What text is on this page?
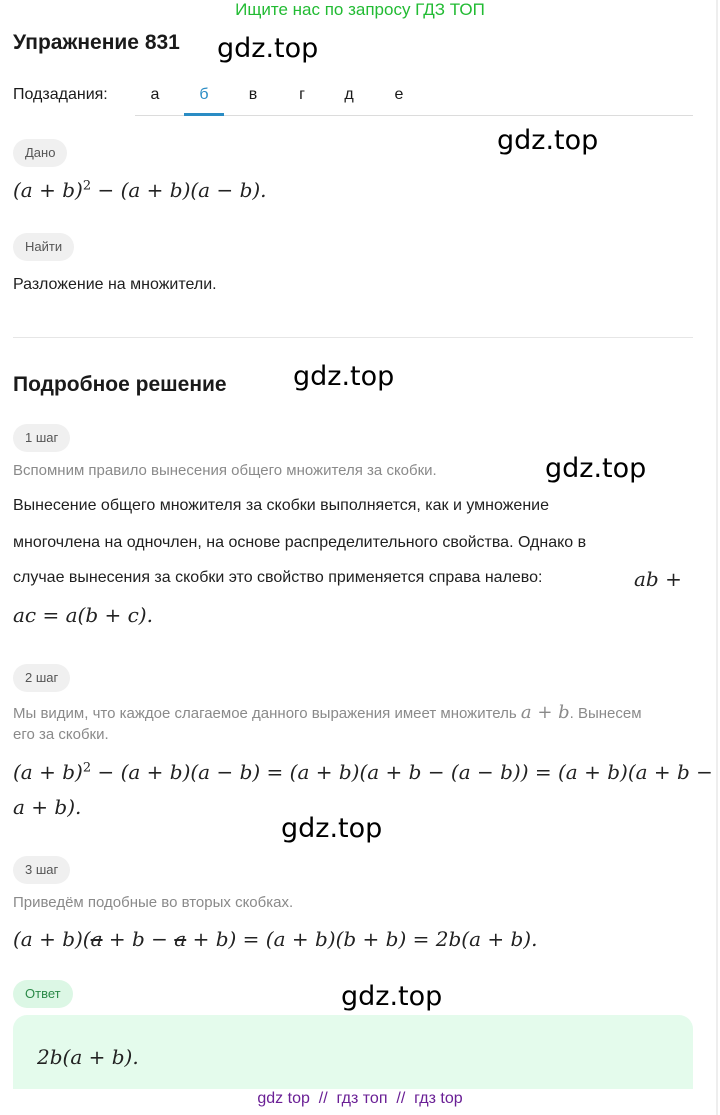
Ищите нас по запросу ГДЗ ТОП
Упражнение 831 gdz.top
gdz.top
gdz.top
gdz.top
gdz.top
gdz.top
Подзадания:	а	б	в	г	д	е
Дано
$(a + b)^2 - (a + b)(a - b)$.
Найти
Разложение на множители.
Подробное решение
1 шаг
Вспомним правило вынесения общего множителя за скобки.
Вынесение общего множителя за скобки выполняется, как и умножение
многочлена на одночлен, на основе распределительного свойства. Однако в
случае вынесения за скобки это свойство применяется справа налево:	ab +
ac = a(b + c).
2 шаг
Мы видим, что каждое слагаемое данного выражения имеет множитель a + b. Вынесем
его за скобки.
$(a + b)^2 - (a + b)(a - b) = (a + b)(a + b - (a - b)) = (a + b)(a + b$ −
a + b).
3 шаг
Приведём подобные во вторых скобках.
(a + b)(a + b − a + b) = (a + b)(b + b) = 2b(a + b).
Ответ
2b(a + b).
gdz top  //  гдз топ  //  гдз top
